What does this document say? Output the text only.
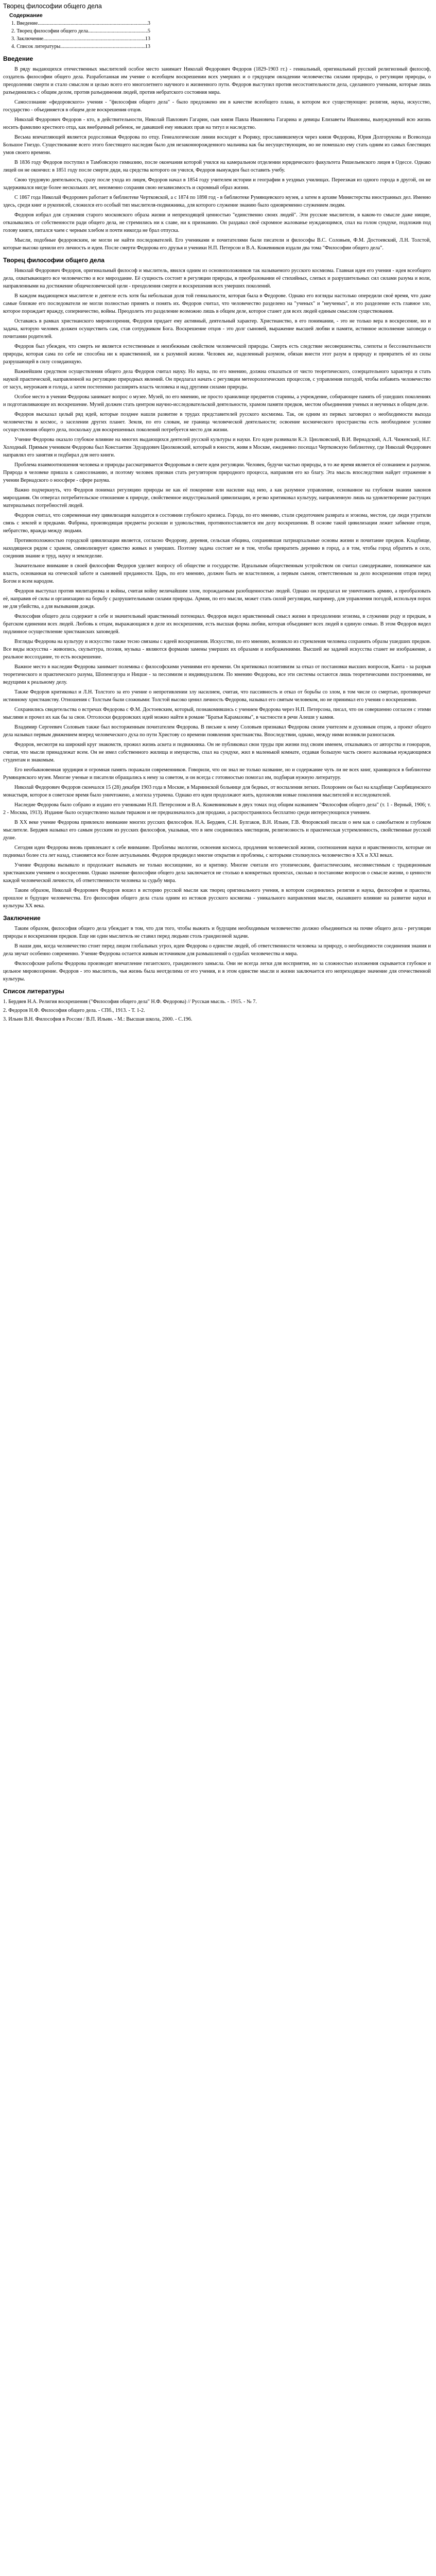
Творец философии общего дела
Содержание
1. Введение .....	3
2. Творец философии общего дела .....	5
3. Заключение .....	13
4. Список литературы .....	13
Введение

В ряду выдающихся отечественных мыслителей особое место занимает Николай Федорович Федоров (1829-1903 гг.) - гениальный, оригинальный русский религиозный философ, создатель философии общего дела. Разработанная им учение о всеобщем воскрешении всех умерших и о грядущем овладении человечества силами природы, о регуляции природы, о преодолении смерти и стало смыслом и целью всего его многолетнего научного и жизненного пути. Федоров выступил против несостоятельности дела, сделанного учеными, которые лишь разъединились с общим делом, против разъединения людей, против небратского состояния мира.

Самосознание «федоровского» учения - "философия общего дела" - было предложено им в качестве всеобщего плана, в котором все существующее: религия, наука, искусство, государство - объединяется в общем деле воскрешения отцов.

Николай Федорович Федоров - кто, в действительности, Николай Павлович Гагарин, сын князя Павла Ивановича Гагарина и девицы Елизаветы Ивановны, вынужденный всю жизнь носить фамилию крестного отца, как внебрачный ребенок, не дававшей ему никаких прав на титул и наследство.

Весьма впечатляющей является родословная Федорова по отцу. Генеалогические линии восходят к Рюрику, прославившемуся через князя Федорова, Юрия Долгорукова и Всеволода Большое Гнездо. Существование всего этого блестящего наследия было для незаконнорожденного мальчика как бы несуществующим, но не помешало ему стать одним из самых блестящих умов своего времени.

В 1836 году Федоров поступил в Тамбовскую гимназию, после окончания которой учился на камеральном отделении юридического факультета Ришельевского лицея в Одессе. Однако лицей он не окончил: в 1851 году после смерти дяди, на средства которого он учился, Федоров вынужден был оставить учебу.

Свою трудовую деятельность, сразу после ухода из лицея, Федоров начал в 1854 году учителем истории и географии в уездных училищах. Переезжая из одного города в другой, он не задерживался нигде более нескольких лет, неизменно сохраняя свою независимость и скромный образ жизни.

С 1867 года Николай Федорович работает в библиотеке Чертковской, а с 1874 по 1898 год - в библиотеке Румянцевского музея, а затем в архиве Министерства иностранных дел. Именно здесь, среди книг и рукописей, сложился его особый тип мыслителя-подвижника, для которого служение знанию было одновременно служением людям.

Федоров избрал для служения старого московского образа жизни и непреходящей ценностью "единственно своих людей". Эти русские мыслители, в каком-то смысле даже нищие, отказывались от собственности ради общего дела, не стремились ни к славе, ни к признанию. Он раздавал своё скромное жалованье нуждающимся, спал на голом сундуке, подложив под голову книги, питался чаем с черным хлебом и почти никогда не брал отпуска.

Мысли, подобные федоровским, не могли не найти последователей. Его учениками и почитателями были писатели и философы В.С. Соловьев, Ф.М. Достоевский, Л.Н. Толстой, которые высоко ценили его личность и идеи. После смерти Федорова его друзья и ученики Н.П. Петерсон и В.А. Кожевников издали два тома "Философии общего дела".

Творец философии общего дела

Николай Федорович Федоров, оригинальный философ и мыслитель, явился одним из основоположников так называемого русского космизма. Главная идея его учения - идея всеобщего дела, охватывающего все человечество и все мироздание. Её сущность состоит в регуляции природы, в преобразовании её стихийных, слепых и разрушительных сил силами разума и воли, направленными на достижение общечеловеческой цели - преодоления смерти и воскрешения всех умерших поколений.

В каждом выдающемся мыслителе и деятеле есть хотя бы небольшая доля той гениальности, которая была в Федорове. Однако его взгляды настолько опередили своё время, что даже самые близкие его последователи не могли полностью принять и понять их. Федоров считал, что человечество разделено на "ученых" и "неученых", и это разделение есть главное зло, которое порождает вражду, соперничество, войны. Преодолеть это разделение возможно лишь в общем деле, которое станет для всех людей единым смыслом существования.

Оставаясь в рамках христианского мировоззрения, Федоров придает ему активный, деятельный характер. Христианство, в его понимании, - это не только вера в воскресение, но и задача, которую человек должен осуществить сам, став сотрудником Бога. Воскрешение отцов - это долг сыновей, выражение высшей любви и памяти, истинное исполнение заповеди о почитании родителей.

Федоров был убежден, что смерть не является естественным и неизбежным свойством человеческой природы. Смерть есть следствие несовершенства, слепоты и бессознательности природы, которая сама по себе не способна ни к нравственной, ни к разумной жизни. Человек же, наделенный разумом, обязан внести этот разум в природу и превратить её из силы разрушающей в силу созидающую.

Важнейшим средством осуществления общего дела Федоров считал науку. Но наука, по его мнению, должна отказаться от чисто теоретического, созерцательного характера и стать наукой практической, направленной на регуляцию природных явлений. Он предлагал начать с регуляции метеорологических процессов, с управления погодой, чтобы избавить человечество от засух, неурожаев и голода, а затем постепенно расширять власть человека и над другими силами природы.

Особое место в учении Федорова занимает вопрос о музее. Музей, по его мнению, не просто хранилище предметов старины, а учреждение, собирающее память об ушедших поколениях и подготавливающее их воскрешение. Музей должен стать центром научно-исследовательской деятельности, храмом памяти предков, местом объединения ученых и неученых в общем деле.

Федоров высказал целый ряд идей, которые позднее нашли развитие в трудах представителей русского космизма. Так, он одним из первых заговорил о необходимости выхода человечества в космос, о заселении других планет. Земля, по его словам, не граница человеческой деятельности; освоение космического пространства есть необходимое условие осуществления общего дела, поскольку для воскрешенных поколений потребуется место для жизни.

Учение Федорова оказало глубокое влияние на многих выдающихся деятелей русской культуры и науки. Его идеи развивали К.Э. Циолковский, В.И. Вернадский, А.Л. Чижевский, Н.Г. Холодный. Прямым учеником Федорова был Константин Эдуардович Циолковский, который в юности, живя в Москве, ежедневно посещал Чертковскую библиотеку, где Николай Федорович направлял его занятия и подбирал для него книги.

Проблема взаимоотношения человека и природы рассматривается Федоровым в свете идеи регуляции. Человек, будучи частью природы, в то же время является её сознанием и разумом. Природа в человеке пришла к самосознанию, и поэтому человек призван стать регулятором природного процесса, направляя его ко благу. Эта мысль впоследствии найдет отражение в учении Вернадского о ноосфере - сфере разума.

Важно подчеркнуть, что Федоров понимал регуляцию природы не как её покорение или насилие над нею, а как разумное управление, основанное на глубоком знании законов мироздания. Он отвергал потребительское отношение к природе, свойственное индустриальной цивилизации, и резко критиковал культуру, направленную лишь на удовлетворение растущих материальных потребностей людей.

Федоров считал, что современная ему цивилизация находится в состоянии глубокого кризиса. Города, по его мнению, стали средоточием разврата и эгоизма, местом, где люди утратили связь с землей и предками. Фабрика, производящая предметы роскоши и удовольствия, противопоставляется им делу воскрешения. В основе такой цивилизации лежит забвение отцов, небратство, вражда между людьми.

Противоположностью городской цивилизации является, согласно Федорову, деревня, сельская община, сохранившая патриархальные основы жизни и почитание предков. Кладбище, находящееся рядом с храмом, символизирует единство живых и умерших. Поэтому задача состоит не в том, чтобы превратить деревню в город, а в том, чтобы город обратить в село, соединив знание и труд, науку и земледелие.

Значительное внимание в своей философии Федоров уделяет вопросу об обществе и государстве. Идеальным общественным устройством он считал самодержавие, понимаемое как власть, основанная на отеческой заботе и сыновней преданности. Царь, по его мнению, должен быть не властелином, а первым сыном, ответственным за дело воскрешения отцов перед Богом и всем народом.

Федоров выступал против милитаризма и войны, считая войну величайшим злом, порождаемым разобщенностью людей. Однако он предлагал не уничтожить армию, а преобразовать её, направив её силы и организацию на борьбу с разрушительными силами природы. Армия, по его мысли, может стать силой регуляции, например, для управления погодой, используя порох не для убийства, а для вызывания дождя.

Философия общего дела содержит в себе и значительный нравственный потенциал. Федоров видел нравственный смысл жизни в преодолении эгоизма, в служении роду и предкам, в братском единении всех людей. Любовь к отцам, выражающаяся в деле их воскрешения, есть высшая форма любви, которая объединяет всех людей в единую семью. В этом Федоров видел подлинное осуществление христианских заповедей.

Взгляды Федорова на культуру и искусство также тесно связаны с идеей воскрешения. Искусство, по его мнению, возникло из стремления человека сохранить образы ушедших предков. Все виды искусства - живопись, скульптура, поэзия, музыка - являются формами замены умерших их образами и изображениями. Высшей же задачей искусства станет не изображение, а реальное воссоздание, то есть воскрешение.

Важное место в наследии Федорова занимает полемика с философскими учениями его времени. Он критиковал позитивизм за отказ от постановки высших вопросов, Канта - за разрыв теоретического и практического разума, Шопенгауэра и Ницше - за пессимизм и индивидуализм. По мнению Федорова, все эти системы остаются лишь теоретическими построениями, не ведущими к реальному делу.

Также Федоров критиковал и Л.Н. Толстого за его учение о непротивлении злу насилием, считая, что пассивность и отказ от борьбы со злом, в том числе со смертью, противоречат истинному христианству. Отношения с Толстым были сложными: Толстой высоко ценил личность Федорова, называл его святым человеком, но не принимал его учения о воскрешении.

Сохранились свидетельства о встречах Федорова с Ф.М. Достоевским, который, познакомившись с учением Федорова через Н.П. Петерсона, писал, что он совершенно согласен с этими мыслями и прочел их как бы за свои. Отголоски федоровских идей можно найти в романе "Братья Карамазовы", в частности в речи Алеши у камня.

Владимир Сергеевич Соловьев также был восторженным почитателем Федорова. В письме к нему Соловьев признавал Федорова своим учителем и духовным отцом, а проект общего дела называл первым движением вперед человеческого духа по пути Христову со времени появления христианства. Впоследствии, однако, между ними возникли разногласия.

Федоров, несмотря на широкий круг знакомств, прожил жизнь аскета и подвижника. Он не публиковал свои труды при жизни под своим именем, отказываясь от авторства и гонораров, считая, что мысли принадлежат всем. Он не имел собственного жилища и имущества, спал на сундуке, жил в маленькой комнате, отдавая большую часть своего жалованья нуждающимся студентам и знакомым.

Его необыкновенная эрудиция и огромная память поражали современников. Говорили, что он знал не только название, но и содержание чуть ли не всех книг, хранящихся в библиотеке Румянцевского музея. Многие ученые и писатели обращались к нему за советом, и он всегда с готовностью помогал им, подбирая нужную литературу.

Николай Федорович Федоров скончался 15 (28) декабря 1903 года в Москве, в Мариинской больнице для бедных, от воспаления легких. Похоронен он был на кладбище Скорбященского монастыря, которое в советское время было уничтожено, а могила утрачена. Однако его идеи продолжают жить, вдохновляя новые поколения мыслителей и исследователей.

Наследие Федорова было собрано и издано его учениками Н.П. Петерсоном и В.А. Кожевниковым в двух томах под общим названием "Философия общего дела" (т. 1 - Верный, 1906; т. 2 - Москва, 1913). Издание было осуществлено малым тиражом и не предназначалось для продажи, а распространялось бесплатно среди интересующихся учением.

В XX веке учение Федорова привлекло внимание многих русских философов. Н.А. Бердяев, С.Н. Булгаков, В.Н. Ильин, Г.В. Флоровский писали о нем как о самобытном и глубоком мыслителе. Бердяев называл его самым русским из русских философов, указывая, что в нем соединились мистицизм, религиозность и практическая устремленность, свойственные русской душе.

Сегодня идеи Федорова вновь привлекают к себе внимание. Проблемы экологии, освоения космоса, продления человеческой жизни, соотношения науки и нравственности, которые он поднимал более ста лет назад, становятся все более актуальными. Федоров предвидел многие открытия и проблемы, с которыми столкнулось человечество в XX и XXI веках.

Учение Федорова вызывало и продолжает вызывать не только восхищение, но и критику. Многие считали его утопическим, фантастическим, несовместимым с традиционным христианским учением о воскресении. Однако значение философии общего дела заключается не столько в конкретных проектах, сколько в постановке вопросов о смысле жизни, о ценности каждой человеческой личности, об ответственности человека за судьбу мира.

Таким образом, Николай Федорович Федоров вошел в историю русской мысли как творец оригинального учения, в котором соединились религия и наука, философия и практика, прошлое и будущее человечества. Его философия общего дела стала одним из истоков русского космизма - уникального направления мысли, оказавшего влияние на развитие науки и культуры XX века.

Заключение

Таким образом, философия общего дела убеждает в том, что для того, чтобы выжить и будущим необходимым человечество должно объединиться на почве общего дела - регуляции природы и воскрешения предков. Еще ни один мыслитель не ставил перед людьми столь грандиозной задачи.

В наши дни, когда человечество стоит перед лицом глобальных угроз, идеи Федорова о единстве людей, об ответственности человека за природу, о необходимости соединения знания и дела звучат особенно современно. Учение Федорова остается живым источником для размышлений о судьбах человечества и мира.

Философские работы Федорова производят впечатление гигантского, грандиозного замысла. Они не всегда легки для восприятия, но за сложностью изложения скрывается глубокое и цельное мировоззрение. Федоров - это мыслитель, чья жизнь была неотделима от его учения, и в этом единстве мысли и жизни заключается его непреходящее значение для отечественной культуры.

Список литературы
1. Бердяев Н.А. Религия воскрешения ("Философия общего дела" Н.Ф. Федорова) // Русская мысль. - 1915. - № 7.
2. Федоров Н.Ф. Философия общего дела. - СПб., 1913. - Т. 1-2.
3. Ильин В.Н. Философия в России / В.П. Ильин. - М.: Высшая школа, 2000. - С.196.
